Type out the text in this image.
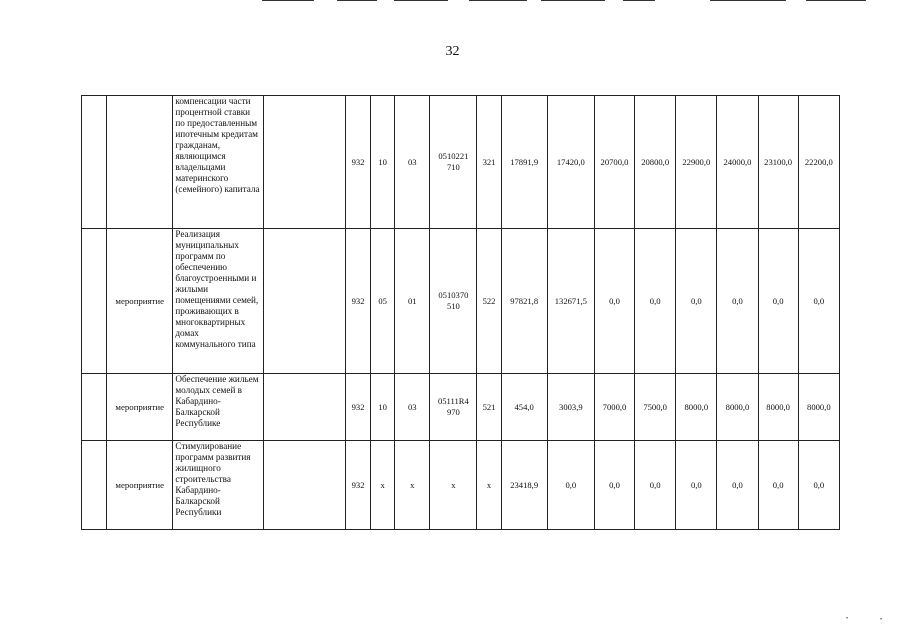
32
		компенсации части процентной ставки по предоставленным ипотечным кредитам гражданам, являющимся владельцами материнского (семейного) капитала		932	10	03	0510221 710	321	17891,9	17420,0	20700,0	20800,0	22900,0	24000,0	23100,0	22200,0
	мероприятие	Реализация муниципальных программ по обеспечению благоустроенными и жилыми помещениями семей, проживающих в многоквартирных домах коммунального типа		932	05	01	0510370 510	522	97821,8	132671,5	0,0	0,0	0,0	0,0	0,0	0,0
	мероприятие	Обеспечение жильем молодых семей в Кабардино-Балкарской Республике		932	10	03	05111R4 970	521	454,0	3003,9	7000,0	7500,0	8000,0	8000,0	8000,0	8000,0
	мероприятие	Стимулирование программ развития жилищного строительства Кабардино-Балкарской Республики		932	x	x	x	x	23418,9	0,0	0,0	0,0	0,0	0,0	0,0	0,0
•	•
